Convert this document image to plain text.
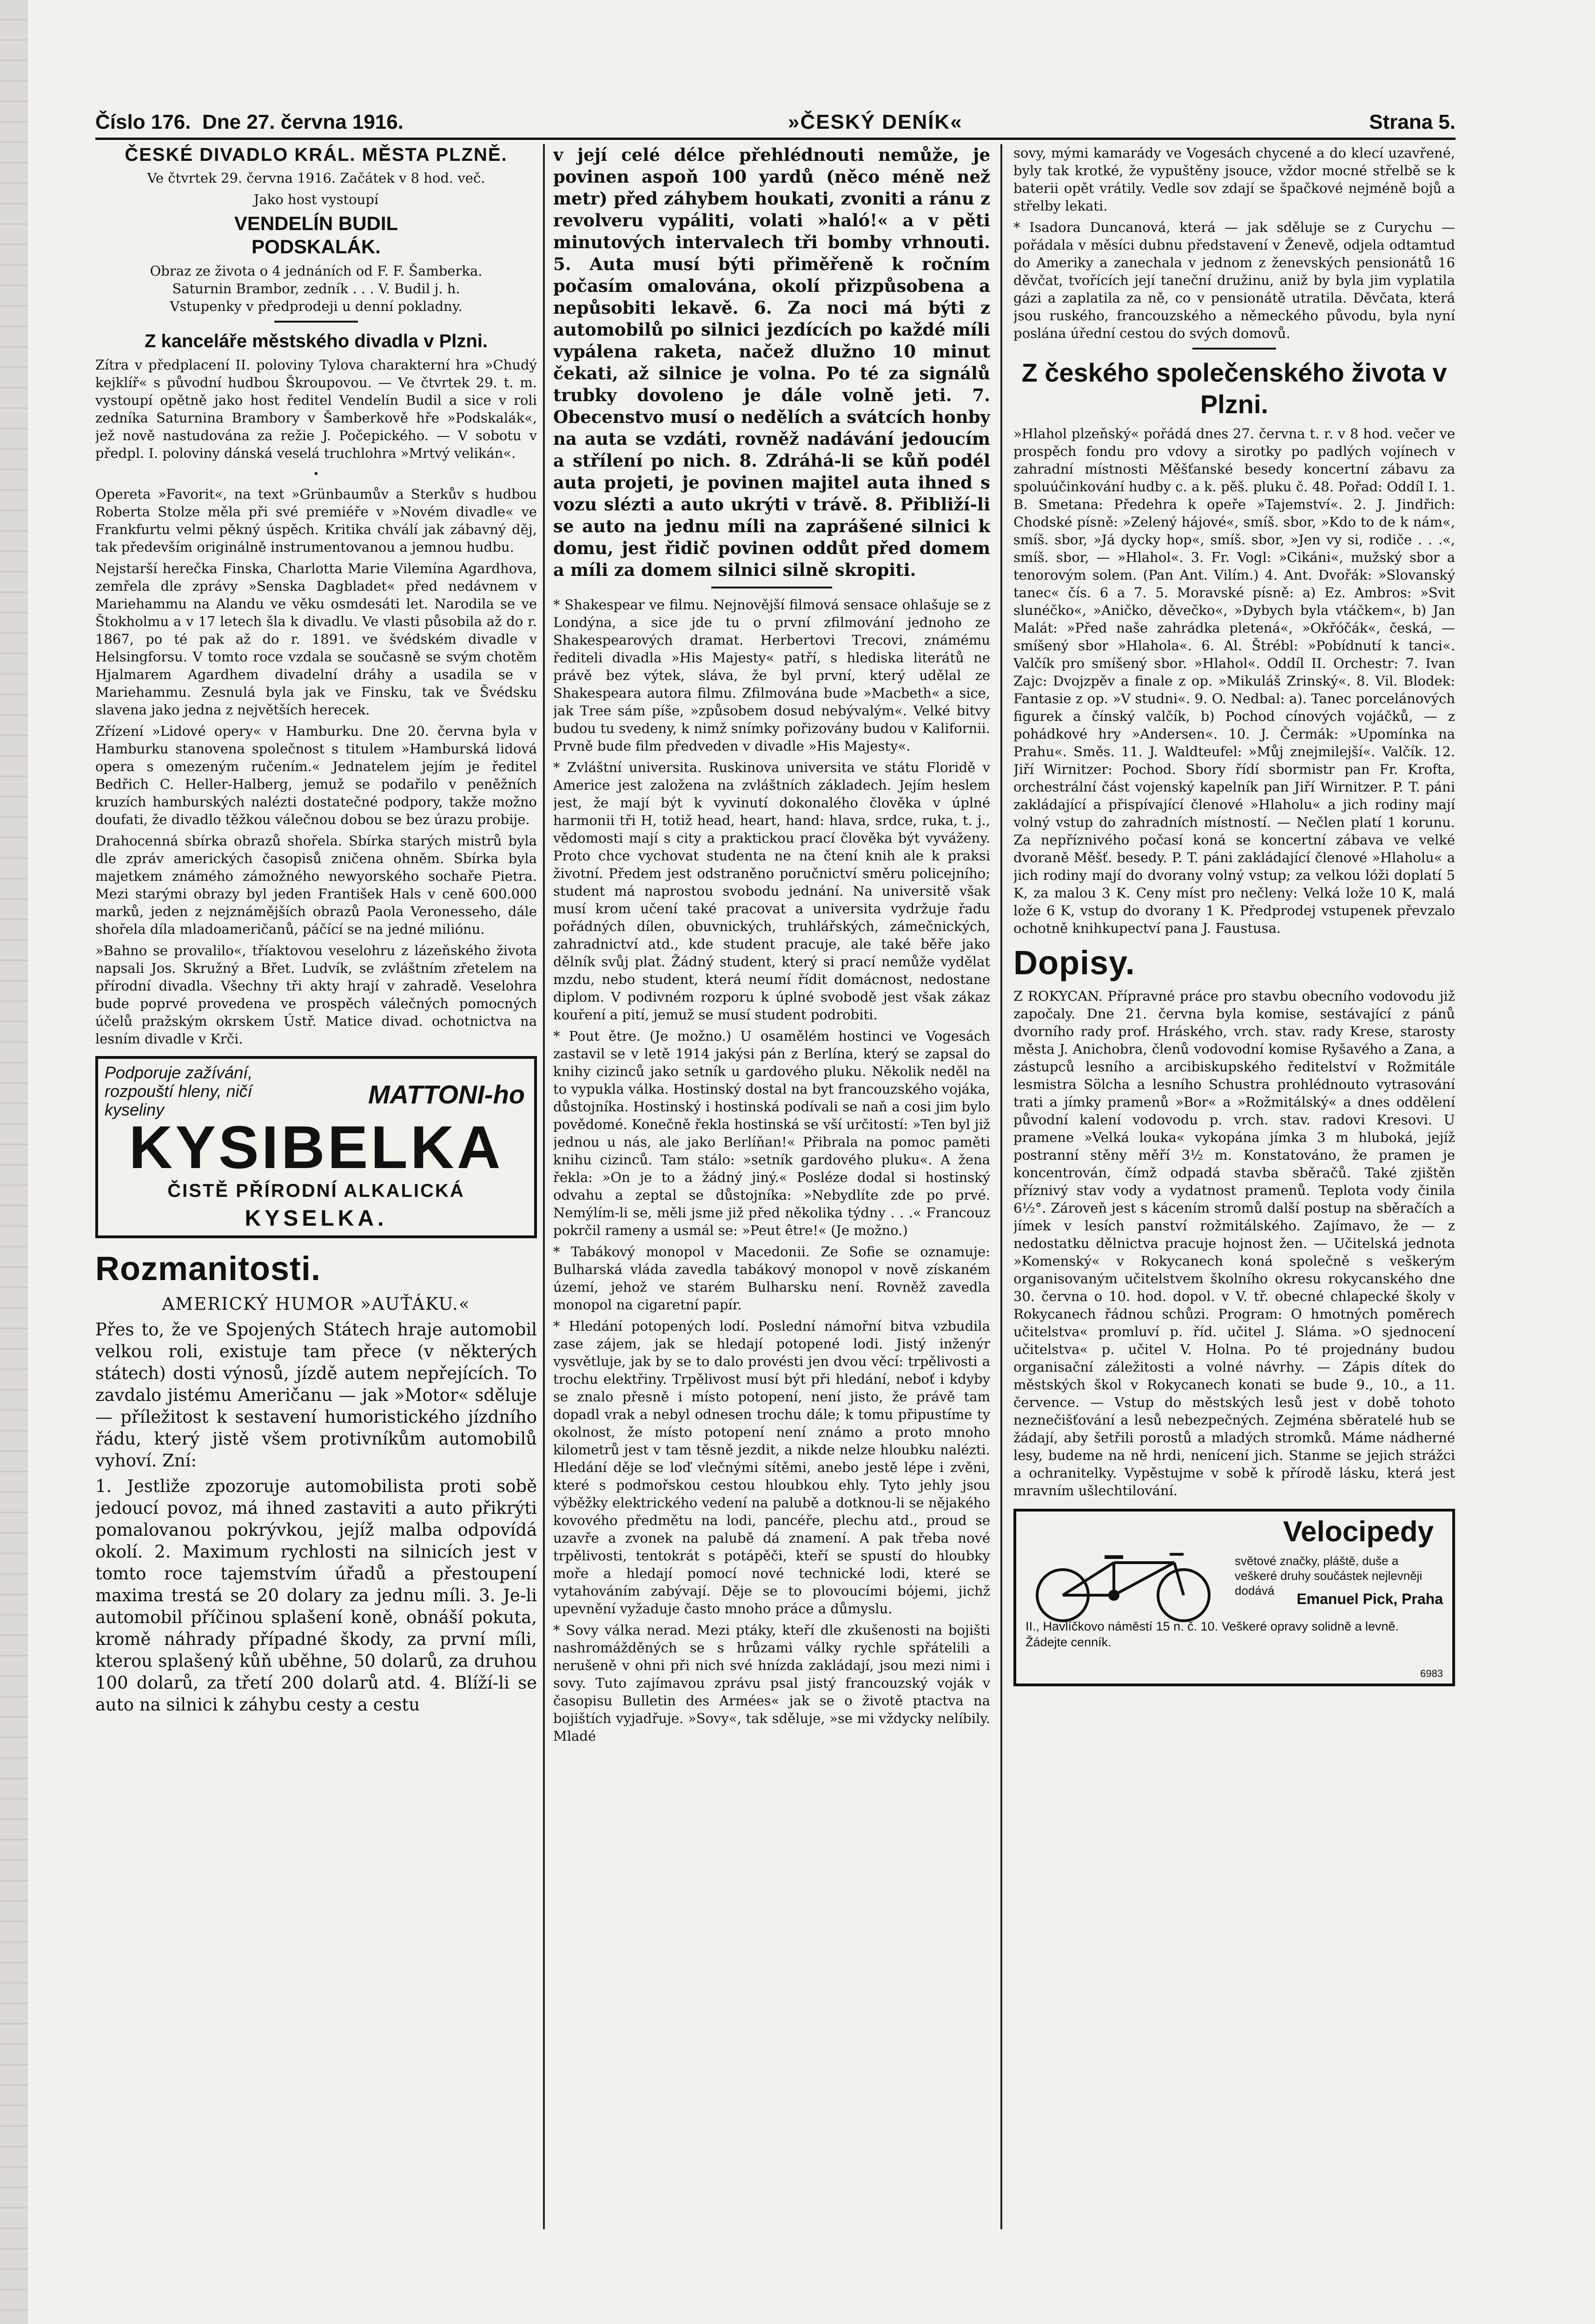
Číslo 176. Dne 27. června 1916.	»ČESKÝ DENÍK«	Strana 5.

ČESKÉ DIVADLO KRÁL. MĚSTA PLZNĚ.

Ve čtvrtek 29. června 1916. Začátek v 8 hod. več.

Jako host vystoupí

VENDELÍN BUDIL

PODSKALÁK.

Obraz ze života o 4 jednáních od F. F. Šamberka.

Saturnin Brambor, zedník . . . V. Budil j. h.

Vstupenky v předprodeji u denní pokladny.

Z kanceláře městského divadla v Plzni.

Zítra v předplacení II. poloviny Tylova charakterní hra »Chudý kejklíř« s původní hudbou Škroupovou. — Ve čtvrtek 29. t. m. vystoupí opětně jako host ředitel Vendelín Budil a sice v roli zedníka Saturnina Brambory v Šamberkově hře »Podskalák«, jež nově nastudována za režie J. Počepického. — V sobotu v předpl. I. poloviny dánská veselá truchlohra »Mrtvý velikán«.

•

Opereta »Favorit«, na text »Grünbaumův a Sterkův s hudbou Roberta Stolze měla při své premiéře v »Novém divadle« ve Frankfurtu velmi pěkný úspěch. Kritika chválí jak zábavný děj, tak především originálně instrumentovanou a jemnou hudbu.

Nejstarší herečka Finska, Charlotta Marie Vilemína Agardhova, zemřela dle zprávy »Senska Dagbladet« před nedávnem v Mariehammu na Alandu ve věku osmdesáti let. Narodila se ve Štokholmu a v 17 letech šla k divadlu. Ve vlasti působila až do r. 1867, po té pak až do r. 1891. ve švédském divadle v Helsingforsu. V tomto roce vzdala se současně se svým chotěm Hjalmarem Agardhem divadelní dráhy a usadila se v Mariehammu. Zesnulá byla jak ve Finsku, tak ve Švédsku slavena jako jedna z největších herecek.

Zřízení »Lidové opery« v Hamburku. Dne 20. června byla v Hamburku stanovena společnost s titulem »Hamburská lidová opera s omezeným ručením.« Jednatelem jejím je ředitel Bedřich C. Heller-Halberg, jemuž se podařilo v peněžních kruzích hamburských nalézti dostatečné podpory, takže možno doufati, že divadlo těžkou válečnou dobou se bez úrazu probije.

Drahocenná sbírka obrazů shořela. Sbírka starých mistrů byla dle zpráv amerických časopisů zničena ohněm. Sbírka byla majetkem známého zámožného newyorského sochaře Pietra. Mezi starými obrazy byl jeden František Hals v ceně 600.000 marků, jeden z nejznámějších obrazů Paola Veronesseho, dále shořela díla mladoameričanů, páčící se na jedné miliónu.

»Bahno se provalilo«, tříaktovou veselohru z lázeňského života napsali Jos. Skružný a Břet. Ludvík, se zvláštním zřetelem na přírodní divadla. Všechny tři akty hrají v zahradě. Veselohra bude poprvé provedena ve prospěch válečných pomocných účelů pražským okrskem Ústř. Matice divad. ochotnictva na lesním divadle v Krči.

Podporuje zažívání, rozpouští hleny, ničí kyseliny
MATTONI-ho
KYSIBELKA
ČISTĚ PŘÍRODNÍ ALKALICKÁ
KYSELKA.

Rozmanitosti.

AMERICKÝ HUMOR »AUŤÁKU.«

Přes to, že ve Spojených Státech hraje automobil velkou roli, existuje tam přece (v některých státech) dosti výnosů, jízdě autem nepřejících. To zavdalo jistému Američanu — jak »Motor« sděluje — příležitost k sestavení humoristického jízdního řádu, který jistě všem protivníkům automobilů vyhoví. Zní:

1. Jestliže zpozoruje automobilista proti sobě jedoucí povoz, má ihned zastaviti a auto přikrýti pomalovanou pokrývkou, jejíž malba odpovídá okolí. 2. Maximum rychlosti na silnicích jest v tomto roce tajemstvím úřadů a přestoupení maxima trestá se 20 dolary za jednu míli. 3. Je-li automobil příčinou splašení koně, obnáší pokuta, kromě náhrady případné škody, za první míli, kterou splašený kůň uběhne, 50 dolarů, za druhou 100 dolarů, za třetí 200 dolarů atd. 4. Blíží-li se auto na silnici k záhybu cesty a cestu

v její celé délce přehlédnouti nemůže, je povinen aspoň 100 yardů (něco méně než metr) před záhybem houkati, zvoniti a ránu z revolveru vypáliti, volati »haló!« a v pěti minutových intervalech tři bomby vrhnouti. 5. Auta musí býti přiměřeně k ročním počasím omalována, okolí přizpůsobena a nepůsobiti lekavě. 6. Za noci má býti z automobilů po silnici jezdících po každé míli vypálena raketa, načež dlužno 10 minut čekati, až silnice je volna. Po té za signálů trubky dovoleno je dále volně jeti. 7. Obecenstvo musí o nedělích a svátcích honby na auta se vzdáti, rovněž nadávání jedoucím a střílení po nich. 8. Zdráhá-li se kůň podél auta projeti, je povinen majitel auta ihned s vozu slézti a auto ukrýti v trávě. 8. Přibliží-li se auto na jednu míli na zaprášené silnici k domu, jest řidič povinen oddůt před domem a míli za domem silnici silně skropiti.

* Shakespear ve filmu. Nejnovější filmová sensace ohlašuje se z Londýna, a sice jde tu o první zfilmování jednoho ze Shakespearových dramat. Herbertovi Trecovi, známému řediteli divadla »His Majesty« patří, s hlediska literátů ne právě bez výtek, sláva, že byl první, který udělal ze Shakespeara autora filmu. Zfilmována bude »Macbeth« a sice, jak Tree sám píše, »způsobem dosud nebývalým«. Velké bitvy budou tu svedeny, k nimž snímky pořizovány budou v Kalifornii. Prvně bude film předveden v divadle »His Majesty«.

* Zvláštní universita. Ruskinova universita ve státu Floridě v Americe jest založena na zvláštních základech. Jejím heslem jest, že mají být k vyvinutí dokonalého člověka v úplné harmonii tři H, totiž head, heart, hand: hlava, srdce, ruka, t. j., vědomosti mají s city a praktickou prací člověka být vyváženy. Proto chce vychovat studenta ne na čtení knih ale k praksi životní. Předem jest odstraněno poručnictví směru policejního; student má naprostou svobodu jednání. Na universitě však musí krom učení také pracovat a universita vydržuje řadu pořádných dílen, obuvnických, truhlářských, zámečnických, zahradnictví atd., kde student pracuje, ale také běře jako dělník svůj plat. Žádný student, který si prací nemůže vydělat mzdu, nebo student, která neumí řídit domácnost, nedostane diplom. V podivném rozporu k úplné svobodě jest však zákaz kouření a pití, jemuž se musí student podrobiti.

* Pout ětre. (Je možno.) U osamělém hostinci ve Vogesách zastavil se v letě 1914 jakýsi pán z Berlína, který se zapsal do knihy cizinců jako setník u gardového pluku. Několik neděl na to vypukla válka. Hostinský dostal na byt francouzského vojáka, důstojníka. Hostinský i hostinská podívali se naň a cosi jim bylo povědomé. Konečně řekla hostinská se vší určitostí: »Ten byl již jednou u nás, ale jako Berlíňan!« Přibrala na pomoc paměti knihu cizinců. Tam stálo: »setník gardového pluku«. A žena řekla: »On je to a žádný jiný.« Posléze dodal si hostinský odvahu a zeptal se důstojníka: »Nebydlíte zde po prvé. Nemýlím-li se, měli jsme již před několika týdny . . .« Francouz pokrčil rameny a usmál se: »Peut être!« (Je možno.)

* Tabákový monopol v Macedonii. Ze Sofie se oznamuje: Bulharská vláda zavedla tabákový monopol v nově získaném území, jehož ve starém Bulharsku není. Rovněž zavedla monopol na cigaretní papír.

* Hledání potopených lodí. Poslední námořní bitva vzbudila zase zájem, jak se hledají potopené lodi. Jistý inženýr vysvětluje, jak by se to dalo provésti jen dvou věcí: trpělivosti a trochu elektřiny. Trpělivost musí být při hledání, neboť i kdyby se znalo přesně i místo potopení, není jisto, že právě tam dopadl vrak a nebyl odnesen trochu dále; k tomu připustíme ty okolnost, že místo potopení není známo a proto mnoho kilometrů jest v tam těsně jezdit, a nikde nelze hloubku nalézti. Hledání děje se loď vlečnými sítěmi, anebo jestě lépe i zvěni, které s podmořskou cestou hloubkou ehly. Tyto jehly jsou výběžky elektrického vedení na palubě a dotknou-li se nějakého kovového předmětu na lodi, pancéře, plechu atd., proud se uzavře a zvonek na palubě dá znamení. A pak třeba nové trpělivosti, tentokrát s potápěči, kteří se spustí do hloubky moře a hledají pomocí nové technické lodi, které se vytahováním zabývají. Děje se to plovoucími bójemi, jichž upevnění vyžaduje často mnoho práce a důmyslu.

* Sovy válka nerad. Mezi ptáky, kteří dle zkušenosti na bojišti nashromážděných se s hrůzami války rychle spřátelili a nerušeně v ohni při nich své hnízda zakládají, jsou mezi nimi i sovy. Tuto zajímavou zprávu psal jistý francouzský voják v časopisu Bulletin des Armées« jak se o životě ptactva na bojištích vyjadřuje. »Sovy«, tak sděluje, »se mi vždycky nelíbily. Mladé

sovy, mými kamarády ve Vogesách chycené a do klecí uzavřené, byly tak krotké, že vypuštěny jsouce, vždor mocné střelbě se k baterii opět vrátily. Vedle sov zdají se špačkové nejméně bojů a střelby lekati.

* Isadora Duncanová, která — jak sděluje se z Curychu — pořádala v měsíci dubnu představení v Ženevě, odjela odtamtud do Ameriky a zanechala v jednom z ženevských pensionátů 16 děvčat, tvořících její taneční družinu, aniž by byla jim vyplatila gázi a zaplatila za ně, co v pensionátě utratila. Děvčata, která jsou ruského, francouzského a německého původu, byla nyní poslána úřední cestou do svých domovů.

Z českého společenského života v Plzni.

»Hlahol plzeňský« pořádá dnes 27. června t. r. v 8 hod. večer ve prospěch fondu pro vdovy a sirotky po padlých vojínech v zahradní místnosti Měšťanské besedy koncertní zábavu za spoluúčinkování hudby c. a k. pěš. pluku č. 48. Pořad: Oddíl I. 1. B. Smetana: Předehra k opeře »Tajemství«. 2. J. Jindřich: Chodské písně: »Zelený hájové«, smíš. sbor, »Kdo to de k nám«, smíš. sbor, »Já dycky hop«, smíš. sbor, »Jen vy si, rodiče . . .«, smíš. sbor, — »Hlahol«. 3. Fr. Vogl: »Cikáni«, mužský sbor a tenorovým solem. (Pan Ant. Vilím.) 4. Ant. Dvořák: »Slovanský tanec« čís. 6 a 7. 5. Moravské písně: a) Ez. Ambros: »Svit slunéčko«, »Aničko, děvečko«, »Dybych byla vtáčkem«, b) Jan Malát: »Před naše zahrádka pletená«, »Okřóčák«, česká, — smíšený sbor »Hlahola«. 6. Al. Štrébl: »Pobídnutí k tanci«. Valčík pro smíšený sbor. »Hlahol«. Oddíl II. Orchestr: 7. Ivan Zajc: Dvojzpěv a finale z op. »Mikuláš Zrinský«. 8. Vil. Blodek: Fantasie z op. »V studni«. 9. O. Nedbal: a). Tanec porcelánových figurek a čínský valčík, b) Pochod cínových vojáčků, — z pohádkové hry »Andersen«. 10. J. Čermák: »Upomínka na Prahu«. Směs. 11. J. Waldteufel: »Můj znejmilejší«. Valčík. 12. Jiří Wirnitzer: Pochod. Sbory řídí sbormistr pan Fr. Krofta, orchestrální část vojenský kapelník pan Jiří Wirnitzer. P. T. páni zakládající a přispívající členové »Hlaholu« a jich rodiny mají volný vstup do zahradních místností. — Nečlen platí 1 korunu. Za nepříznivého počasí koná se koncertní zábava ve velké dvoraně Měšť. besedy. P. T. páni zakládající členové »Hlaholu« a jich rodiny mají do dvorany volný vstup; za velkou lóži doplatí 5 K, za malou 3 K. Ceny míst pro nečleny: Velká lože 10 K, malá lože 6 K, vstup do dvorany 1 K. Předprodej vstupenek převzalo ochotně knihkupectví pana J. Faustusa.

Dopisy.

Z ROKYCAN. Přípravné práce pro stavbu obecního vodovodu již započaly. Dne 21. června byla komise, sestávající z pánů dvorního rady prof. Hráského, vrch. stav. rady Krese, starosty města J. Anichobra, členů vodovodní komise Ryšavého a Zana, a zástupců lesního a arcibiskupského ředitelství v Rožmitále lesmistra Sölcha a lesního Schustra prohlédnouto vytrasování trati a jímky pramenů »Bor« a »Rožmitálský« a dnes oddělení původní kalení vodovodu p. vrch. stav. radovi Kresovi. U pramene »Velká louka« vykopána jímka 3 m hluboká, jejíž postranní stěny měří 3½ m. Konstatováno, že pramen je koncentrován, čímž odpadá stavba sběračů. Také zjištěn příznivý stav vody a vydatnost pramenů. Teplota vody činila 6½°. Zároveň jest s kácením stromů další postup na sběračích a jímek v lesích panství rožmitálského. Zajímavo, že — z nedostatku dělnictva pracuje hojnost žen. — Učitelská jednota »Komenský« v Rokycanech koná společně s veškerým organisovaným učitelstvem školního okresu rokycanského dne 30. června o 10. hod. dopol. v V. tř. obecné chlapecké školy v Rokycanech řádnou schůzi. Program: O hmotných poměrech učitelstva« promluví p. říd. učitel J. Sláma. »O sjednocení učitelstva« p. učitel V. Holna. Po té projednány budou organisační záležitosti a volné návrhy. — Zápis dítek do městských škol v Rokycanech konati se bude 9., 10., a 11. července. — Vstup do městských lesů jest v době tohoto neznečišťování a lesů nebezpečných. Zejména sběratelé hub se žádají, aby šetřili porostů a mladých stromků. Máme nádherné lesy, budeme na ně hrdi, nenícení jich. Stanme se jejich strážci a ochranitelky. Vypěstujme v sobě k přírodě lásku, která jest mravním ušlechtilování.

Velocipedy
světové značky, pláště, duše a veškeré druhy součástek nejlevněji dodává	Emanuel Pick, Praha
II., Havlíčkovo náměstí 15 n. č. 10. Veškeré opravy solidně a levně. Žádejte cenník.
6983
